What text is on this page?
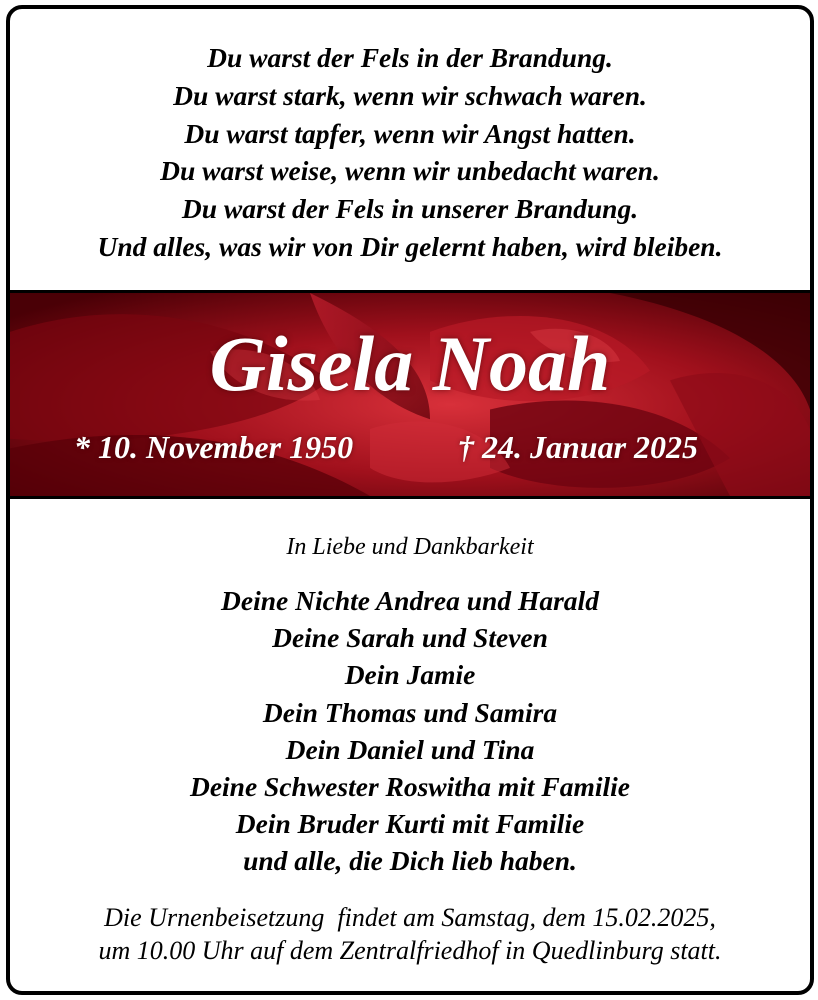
Du warst der Fels in der Brandung.
Du warst stark, wenn wir schwach waren.
Du warst tapfer, wenn wir Angst hatten.
Du warst weise, wenn wir unbedacht waren.
Du warst der Fels in unserer Brandung.
Und alles, was wir von Dir gelernt haben, wird bleiben.
Gisela Noah
* 10. November 1950	† 24. Januar 2025
In Liebe und Dankbarkeit
Deine Nichte Andrea und Harald
Deine Sarah und Steven
Dein Jamie
Dein Thomas und Samira
Dein Daniel und Tina
Deine Schwester Roswitha mit Familie
Dein Bruder Kurti mit Familie
und alle, die Dich lieb haben.
Die Urnenbeisetzung  findet am Samstag, dem 15.02.2025,
um 10.00 Uhr auf dem Zentralfriedhof in Quedlinburg statt.
